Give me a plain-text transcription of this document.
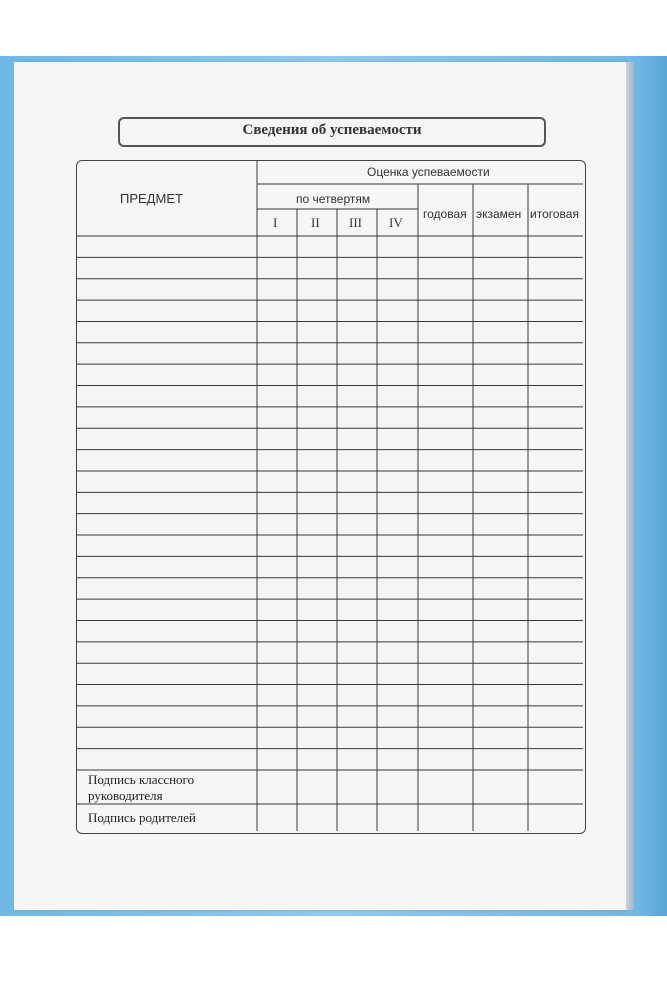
Сведения об успеваемости
Оценка успеваемости
ПРЕДМЕТ	по четвертям
I	II III IV
годовая экзамен итоговая
Подпись классного
руководителя
Подпись родителей
